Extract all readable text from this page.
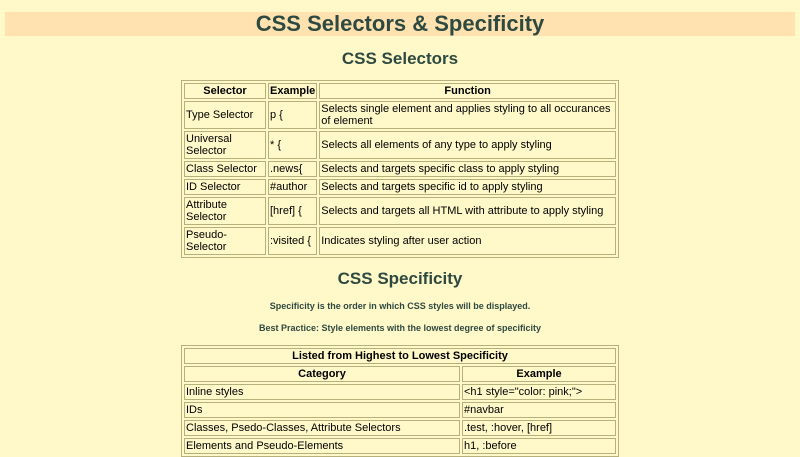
CSS Selectors & Specificity
CSS Selectors
Selector	Example	Function
Type Selector	p {	Selects single element and applies styling to all occurances of element
Universal Selector	* {	Selects all elements of any type to apply styling
Class Selector	.news{	Selects and targets specific class to apply styling
ID Selector	#author	Selects and targets specific id to apply styling
Attribute Selector	[href] {	Selects and targets all HTML with attribute to apply styling
Pseudo-Selector	:visited {	Indicates styling after user action
CSS Specificity

Specificity is the order in which CSS styles will be displayed.

Best Practice: Style elements with the lowest degree of specificity

Listed from Highest to Lowest Specificity	
Category	Example
Inline styles	<h1 style="color: pink;">
IDs	#navbar
Classes, Psedo-Classes, Attribute Selectors	.test, :hover, [href]
Elements and Pseudo-Elements	h1, :before
